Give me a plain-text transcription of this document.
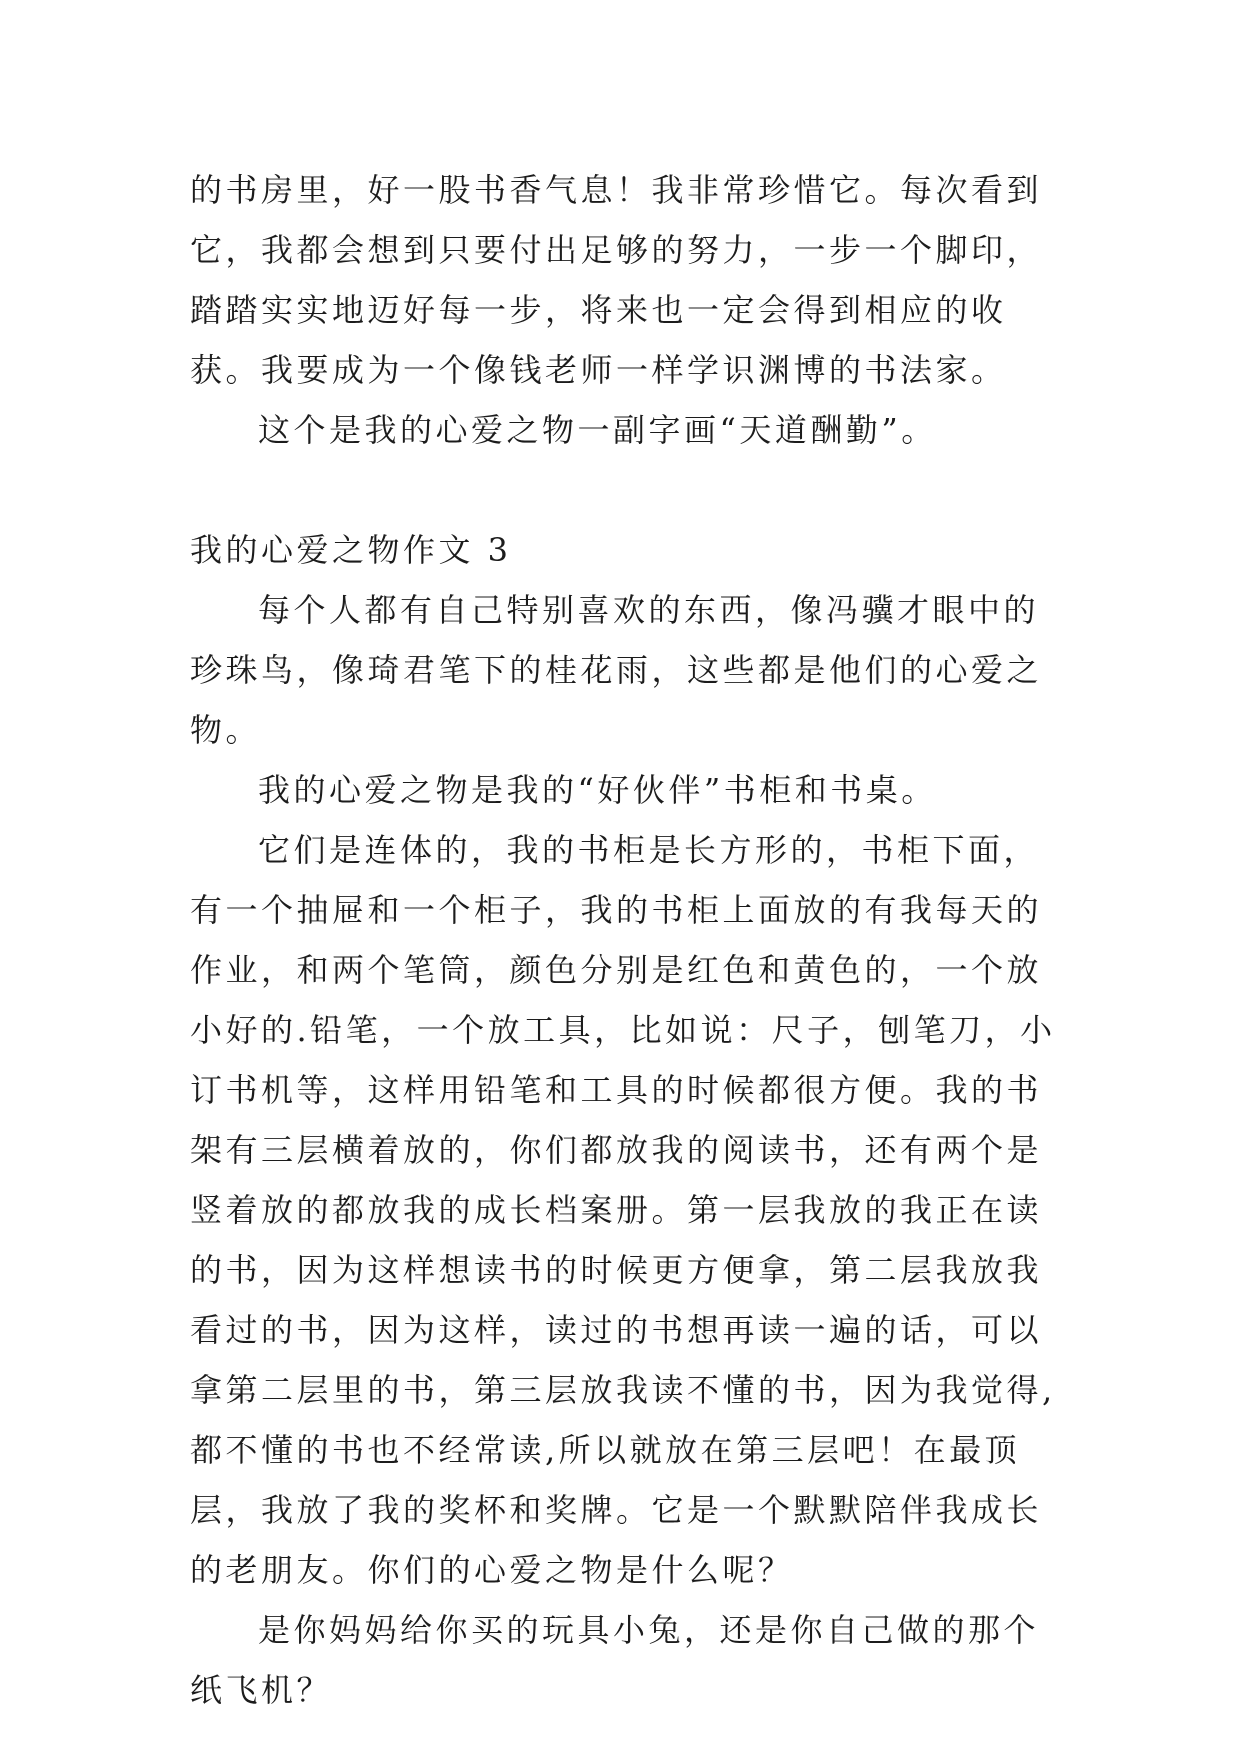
的书房里，好一股书香气息！我非常珍惜它。每次看到它，我都会想到只要付出足够的努力，一步一个脚印，踏踏实实地迈好每一步，将来也一定会得到相应的收获。我要成为一个像钱老师一样学识渊博的书法家。

这个是我的心爱之物一副字画“天道酬勤”。

我的心爱之物作文 3

每个人都有自己特别喜欢的东西，像冯骥才眼中的珍珠鸟，像琦君笔下的桂花雨，这些都是他们的心爱之物。

我的心爱之物是我的“好伙伴”书柜和书桌。

它们是连体的，我的书柜是长方形的，书柜下面，有一个抽屉和一个柜子，我的书柜上面放的有我每天的作业，和两个笔筒，颜色分别是红色和黄色的，一个放小好的.铅笔，一个放工具，比如说：尺子，刨笔刀，小订书机等，这样用铅笔和工具的时候都很方便。我的书架有三层横着放的，你们都放我的阅读书，还有两个是竖着放的都放我的成长档案册。第一层我放的我正在读的书，因为这样想读书的时候更方便拿，第二层我放我看过的书，因为这样，读过的书想再读一遍的话，可以拿第二层里的书，第三层放我读不懂的书，因为我觉得,都不懂的书也不经常读,所以就放在第三层吧！在最顶层，我放了我的奖杯和奖牌。它是一个默默陪伴我成长的老朋友。你们的心爱之物是什么呢？

是你妈妈给你买的玩具小兔，还是你自己做的那个纸飞机？
